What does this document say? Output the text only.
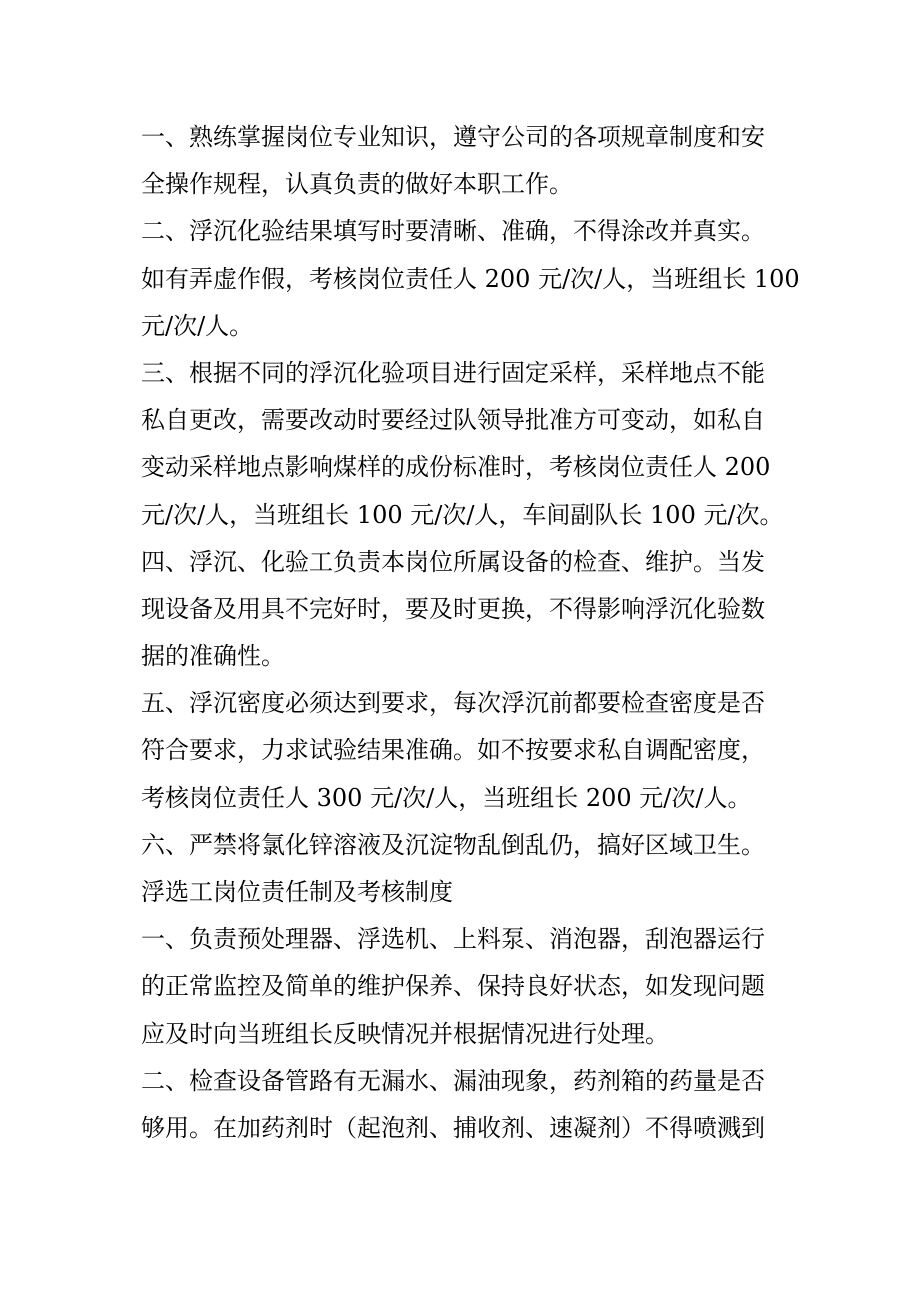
一、熟练掌握岗位专业知识，遵守公司的各项规章制度和安
全操作规程，认真负责的做好本职工作。
二、浮沉化验结果填写时要清晰、准确，不得涂改并真实。
如有弄虚作假，考核岗位责任人 200 元/次/人，当班组长 100
元/次/人。
三、根据不同的浮沉化验项目进行固定采样，采样地点不能
私自更改，需要改动时要经过队领导批准方可变动，如私自
变动采样地点影响煤样的成份标准时，考核岗位责任人 200
元/次/人，当班组长 100 元/次/人，车间副队长 100 元/次。
四、浮沉、化验工负责本岗位所属设备的检查、维护。当发
现设备及用具不完好时，要及时更换，不得影响浮沉化验数
据的准确性。
五、浮沉密度必须达到要求，每次浮沉前都要检查密度是否
符合要求，力求试验结果准确。如不按要求私自调配密度，
考核岗位责任人 300 元/次/人，当班组长 200 元/次/人。
六、严禁将氯化锌溶液及沉淀物乱倒乱仍，搞好区域卫生。
浮选工岗位责任制及考核制度
一、负责预处理器、浮选机、上料泵、消泡器，刮泡器运行
的正常监控及简单的维护保养、保持良好状态，如发现问题
应及时向当班组长反映情况并根据情况进行处理。
二、检查设备管路有无漏水、漏油现象，药剂箱的药量是否
够用。在加药剂时（起泡剂、捕收剂、速凝剂）不得喷溅到
